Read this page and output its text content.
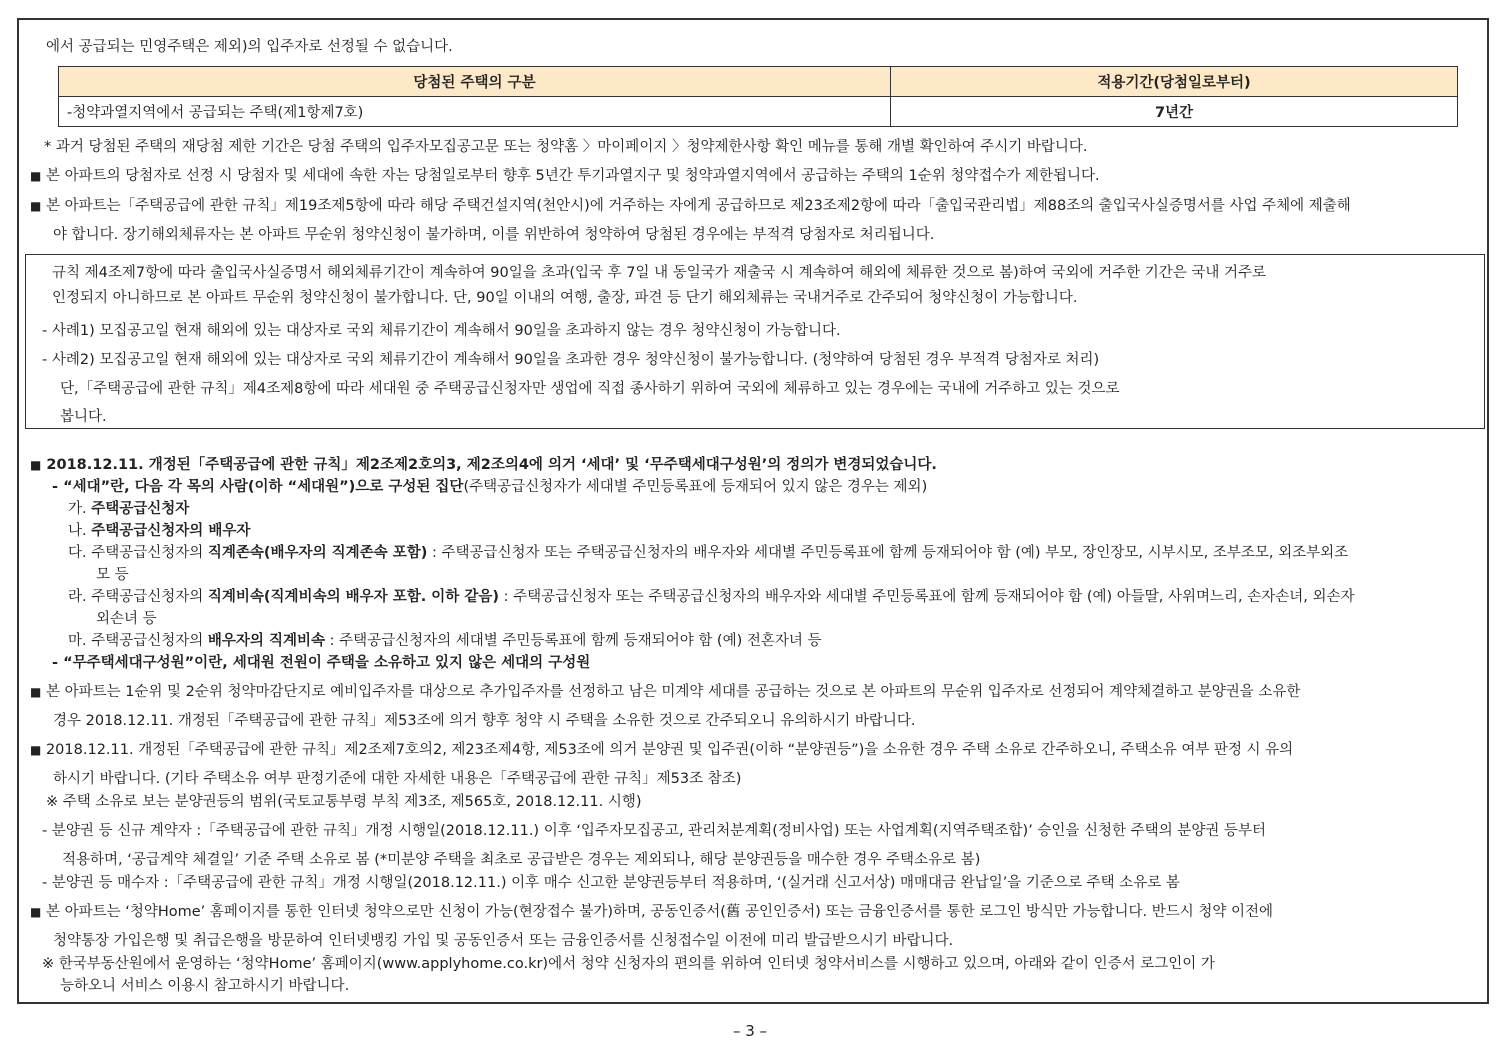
에서 공급되는 민영주택은 제외)의 입주자로 선정될 수 없습니다.
당첨된 주택의 구분	적용기간(당첨일로부터)
-청약과열지역에서 공급되는 주택(제1항제7호)	7년간
* 과거 당첨된 주택의 재당첨 제한 기간은 당첨 주택의 입주자모집공고문 또는 청약홈 〉마이페이지 〉청약제한사항 확인 메뉴를 통해 개별 확인하여 주시기 바랍니다.
■ 본 아파트의 당첨자로 선정 시 당첨자 및 세대에 속한 자는 당첨일로부터 향후 5년간 투기과열지구 및 청약과열지역에서 공급하는 주택의 1순위 청약접수가 제한됩니다.
■ 본 아파트는「주택공급에 관한 규칙」제19조제5항에 따라 해당 주택건설지역(천안시)에 거주하는 자에게 공급하므로 제23조제2항에 따라「출입국관리법」제88조의 출입국사실증명서를 사업 주체에 제출해
야 합니다. 장기해외체류자는 본 아파트 무순위 청약신청이 불가하며, 이를 위반하여 청약하여 당첨된 경우에는 부적격 당첨자로 처리됩니다.
규칙 제4조제7항에 따라 출입국사실증명서 해외체류기간이 계속하여 90일을 초과(입국 후 7일 내 동일국가 재출국 시 계속하여 해외에 체류한 것으로 봄)하여 국외에 거주한 기간은 국내 거주로
인정되지 아니하므로 본 아파트 무순위 청약신청이 불가합니다. 단, 90일 이내의 여행, 출장, 파견 등 단기 해외체류는 국내거주로 간주되어 청약신청이 가능합니다.
- 사례1) 모집공고일 현재 해외에 있는 대상자로 국외 체류기간이 계속해서 90일을 초과하지 않는 경우 청약신청이 가능합니다.
- 사례2) 모집공고일 현재 해외에 있는 대상자로 국외 체류기간이 계속해서 90일을 초과한 경우 청약신청이 불가능합니다. (청약하여 당첨된 경우 부적격 당첨자로 처리)
단,「주택공급에 관한 규칙」제4조제8항에 따라 세대원 중 주택공급신청자만 생업에 직접 종사하기 위하여 국외에 체류하고 있는 경우에는 국내에 거주하고 있는 것으로
봅니다.
■ 2018.12.11. 개정된「주택공급에 관한 규칙」제2조제2호의3, 제2조의4에 의거 ‘세대’ 및 ‘무주택세대구성원’의 정의가 변경되었습니다.
- “세대”란, 다음 각 목의 사람(이하 “세대원”)으로 구성된 집단(주택공급신청자가 세대별 주민등록표에 등재되어 있지 않은 경우는 제외)
가. 주택공급신청자
나. 주택공급신청자의 배우자
다. 주택공급신청자의 직계존속(배우자의 직계존속 포함) : 주택공급신청자 또는 주택공급신청자의 배우자와 세대별 주민등록표에 함께 등재되어야 함 (예) 부모, 장인장모, 시부시모, 조부조모, 외조부외조
모 등
라. 주택공급신청자의 직계비속(직계비속의 배우자 포함. 이하 같음) : 주택공급신청자 또는 주택공급신청자의 배우자와 세대별 주민등록표에 함께 등재되어야 함 (예) 아들딸, 사위며느리, 손자손녀, 외손자
외손녀 등
마. 주택공급신청자의 배우자의 직계비속 : 주택공급신청자의 세대별 주민등록표에 함께 등재되어야 함 (예) 전혼자녀 등
- “무주택세대구성원”이란, 세대원 전원이 주택을 소유하고 있지 않은 세대의 구성원
■ 본 아파트는 1순위 및 2순위 청약마감단지로 예비입주자를 대상으로 추가입주자를 선정하고 남은 미계약 세대를 공급하는 것으로 본 아파트의 무순위 입주자로 선정되어 계약체결하고 분양권을 소유한
경우 2018.12.11. 개정된「주택공급에 관한 규칙」제53조에 의거 향후 청약 시 주택을 소유한 것으로 간주되오니 유의하시기 바랍니다.
■ 2018.12.11. 개정된「주택공급에 관한 규칙」제2조제7호의2, 제23조제4항, 제53조에 의거 분양권 및 입주권(이하 “분양권등”)을 소유한 경우 주택 소유로 간주하오니, 주택소유 여부 판정 시 유의
하시기 바랍니다. (기타 주택소유 여부 판정기준에 대한 자세한 내용은「주택공급에 관한 규칙」제53조 참조)
※ 주택 소유로 보는 분양권등의 범위(국토교통부령 부칙 제3조, 제565호, 2018.12.11. 시행)
- 분양권 등 신규 계약자 :「주택공급에 관한 규칙」개정 시행일(2018.12.11.) 이후 ‘입주자모집공고, 관리처분계획(정비사업) 또는 사업계획(지역주택조합)’ 승인을 신청한 주택의 분양권 등부터
적용하며, ‘공급계약 체결일’ 기준 주택 소유로 봄 (*미분양 주택을 최초로 공급받은 경우는 제외되나, 해당 분양권등을 매수한 경우 주택소유로 봄)
- 분양권 등 매수자 :「주택공급에 관한 규칙」개정 시행일(2018.12.11.) 이후 매수 신고한 분양권등부터 적용하며, ‘(실거래 신고서상) 매매대금 완납일’을 기준으로 주택 소유로 봄
■ 본 아파트는 ‘청약Home’ 홈페이지를 통한 인터넷 청약으로만 신청이 가능(현장접수 불가)하며, 공동인증서(舊 공인인증서) 또는 금융인증서를 통한 로그인 방식만 가능합니다. 반드시 청약 이전에
청약통장 가입은행 및 취급은행을 방문하여 인터넷뱅킹 가입 및 공동인증서 또는 금융인증서를 신청접수일 이전에 미리 발급받으시기 바랍니다.
※ 한국부동산원에서 운영하는 ‘청약Home’ 홈페이지(www.applyhome.co.kr)에서 청약 신청자의 편의를 위하여 인터넷 청약서비스를 시행하고 있으며, 아래와 같이 인증서 로그인이 가
능하오니 서비스 이용시 참고하시기 바랍니다.
– 3 –
